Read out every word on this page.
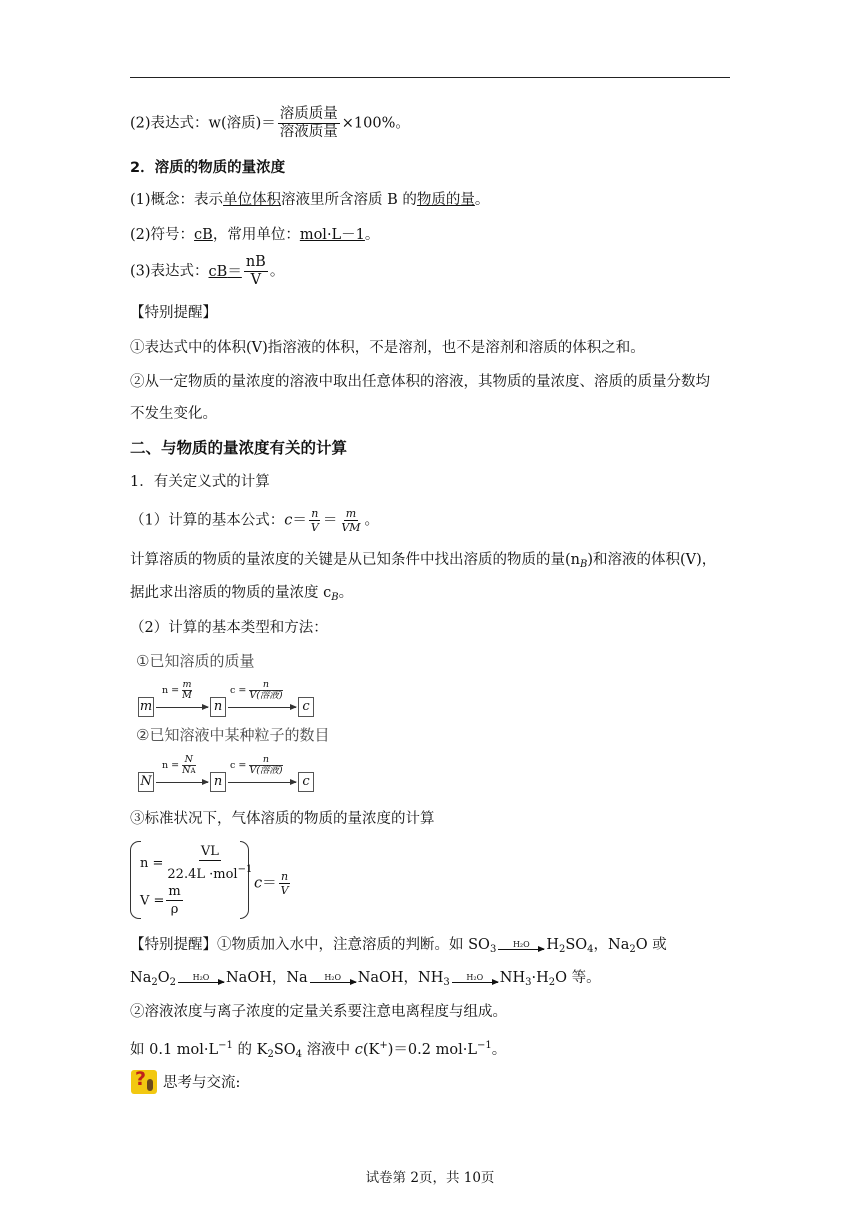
(2)表达式：w(溶质)＝ $\frac{\text{溶质质量}}{\text{溶液质量}} \times 100\%$。
2．溶质的物质的量浓度
(1)概念：表示单位体积溶液里所含溶质 B 的物质的量。
(2)符号：cB，常用单位：mol·L－1。
(3)表达式：$cB= \frac{nB}{V}$ 。
【特别提醒】
①表达式中的体积(V)指溶液的体积，不是溶剂，也不是溶剂和溶质的体积之和。
②从一定物质的量浓度的溶液中取出任意体积的溶液，其物质的量浓度、溶质的质量分数均
不发生变化。
二、与物质的量浓度有关的计算
1．有关定义式的计算
（1）计算的基本公式：$c= \frac{n}{V} = \frac{m}{VM}$ 。
计算溶质的物质的量浓度的关键是从已知条件中找出溶质的物质的量$(n_B)$和溶液的体积(V)，
据此求出溶质的物质的量浓度 $c_B$。
（2）计算的基本类型和方法：
①已知溶质的质量
m
$n = \frac{m}{M}$
n
c =
n
V(溶液)
c
②已知溶液中某种粒子的数目
N
$n = \frac{N}{NA}$
n
c =
n
V(溶液)
c
③标准状况下，气体溶质的物质的量浓度的计算
$n = \frac{VL}{22.4L \cdot mol^{-1}}$
$V = \frac{m}{\rho}$	$c= \frac{n}{V}$
【特别提醒】①物质加入水中，注意溶质的判断。如 $SO_3$ H₂O $H_2SO_4$，$Na_2O$ 或
$Na_2O_2$ H₂O NaOH，Na H₂O NaOH，$NH_3$ H₂O $NH_3\cdot H_2O$ 等。
②溶液浓度与离子浓度的定量关系要注意电离程度与组成。
如 0.1 $mol\cdot L^{-1}$ 的 $K_2SO_4$ 溶液中 c(K+)＝0.2 $mol\cdot L^{-1}$。
?
思考与交流:
试卷第 2页，共 10页
